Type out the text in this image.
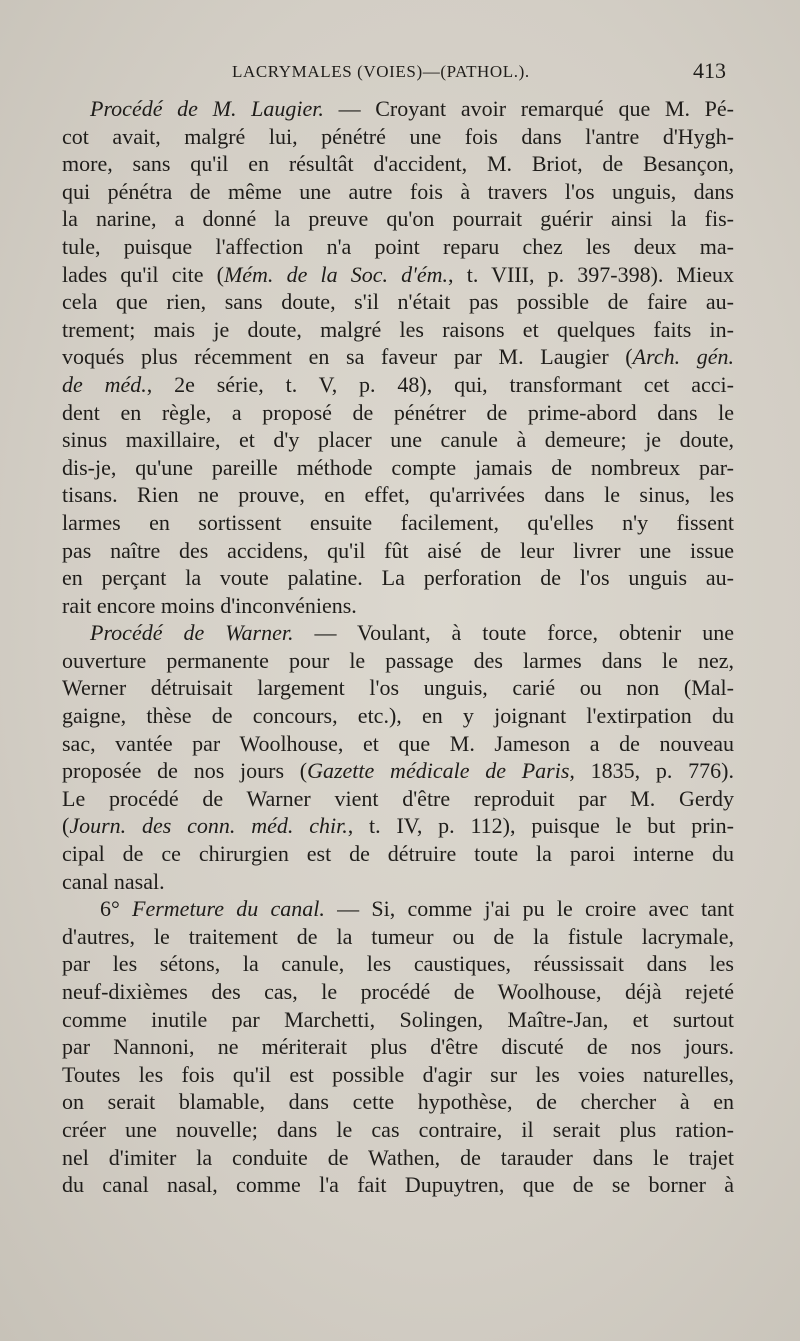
LACRYMALES (VOIES)—(PATHOL.).	413
Procédé de M. Laugier. — Croyant avoir remarqué que M. Pé-
cot avait, malgré lui, pénétré une fois dans l'antre d'Hygh-
more, sans qu'il en résultât d'accident, M. Briot, de Besançon,
qui pénétra de même une autre fois à travers l'os unguis, dans
la narine, a donné la preuve qu'on pourrait guérir ainsi la fis-
tule, puisque l'affection n'a point reparu chez les deux ma-
lades qu'il cite (Mém. de la Soc. d'ém., t. VIII, p. 397-398). Mieux
cela que rien, sans doute, s'il n'était pas possible de faire au-
trement; mais je doute, malgré les raisons et quelques faits in-
voqués plus récemment en sa faveur par M. Laugier (Arch. gén.
de méd., 2e série, t. V, p. 48), qui, transformant cet acci-
dent en règle, a proposé de pénétrer de prime-abord dans le
sinus maxillaire, et d'y placer une canule à demeure; je doute,
dis-je, qu'une pareille méthode compte jamais de nombreux par-
tisans. Rien ne prouve, en effet, qu'arrivées dans le sinus, les
larmes en sortissent ensuite facilement, qu'elles n'y fissent
pas naître des accidens, qu'il fût aisé de leur livrer une issue
en perçant la voute palatine. La perforation de l'os unguis au-
rait encore moins d'inconvéniens.
Procédé de Warner. — Voulant, à toute force, obtenir une
ouverture permanente pour le passage des larmes dans le nez,
Werner détruisait largement l'os unguis, carié ou non (Mal-
gaigne, thèse de concours, etc.), en y joignant l'extirpation du
sac, vantée par Woolhouse, et que M. Jameson a de nouveau
proposée de nos jours (Gazette médicale de Paris, 1835, p. 776).
Le procédé de Warner vient d'être reproduit par M. Gerdy
(Journ. des conn. méd. chir., t. IV, p. 112), puisque le but prin-
cipal de ce chirurgien est de détruire toute la paroi interne du
canal nasal.
6° Fermeture du canal. — Si, comme j'ai pu le croire avec tant
d'autres, le traitement de la tumeur ou de la fistule lacrymale,
par les sétons, la canule, les caustiques, réussissait dans les
neuf-dixièmes des cas, le procédé de Woolhouse, déjà rejeté
comme inutile par Marchetti, Solingen, Maître-Jan, et surtout
par Nannoni, ne mériterait plus d'être discuté de nos jours.
Toutes les fois qu'il est possible d'agir sur les voies naturelles,
on serait blamable, dans cette hypothèse, de chercher à en
créer une nouvelle; dans le cas contraire, il serait plus ration-
nel d'imiter la conduite de Wathen, de tarauder dans le trajet
du canal nasal, comme l'a fait Dupuytren, que de se borner à
